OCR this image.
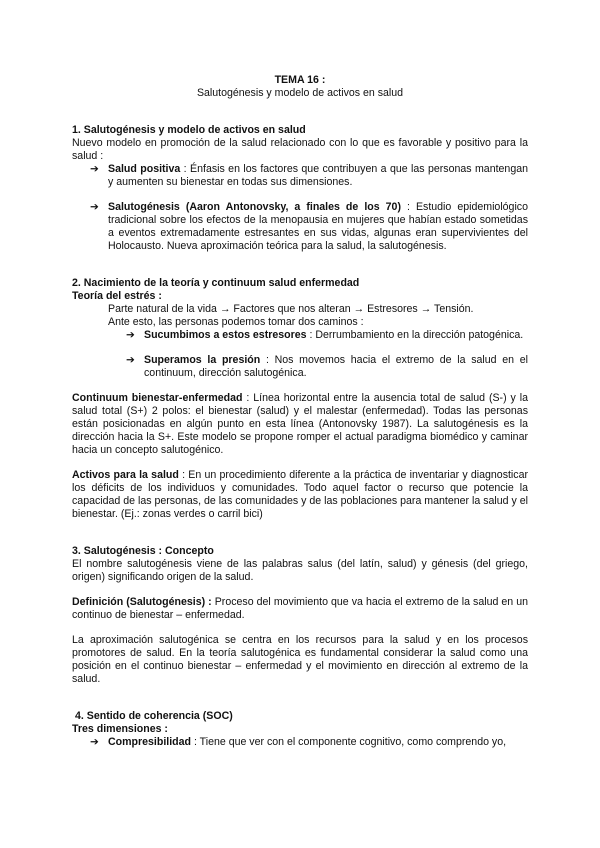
TEMA 16 :
Salutogénesis y modelo de activos en salud
1. Salutogénesis y modelo de activos en salud
Nuevo modelo en promoción de la salud relacionado con lo que es favorable y positivo para la salud :
➔ Salud positiva : Énfasis en los factores que contribuyen a que las personas mantengan y aumenten su bienestar en todas sus dimensiones.
➔ Salutogénesis (Aaron Antonovsky, a finales de los 70) : Estudio epidemiológico tradicional sobre los efectos de la menopausia en mujeres que habían estado sometidas a eventos extremadamente estresantes en sus vidas, algunas eran supervivientes del Holocausto. Nueva aproximación teórica para la salud, la salutogénesis.
2. Nacimiento de la teoría y continuum salud enfermedad
Teoría del estrés :
Parte natural de la vida → Factores que nos alteran → Estresores → Tensión.
Ante esto, las personas podemos tomar dos caminos :
➔ Sucumbimos a estos estresores : Derrumbamiento en la dirección patogénica.
➔ Superamos la presión : Nos movemos hacia el extremo de la salud en el continuum, dirección salutogénica.
Continuum bienestar-enfermedad : Línea horizontal entre la ausencia total de salud (S-) y la salud total (S+) 2 polos: el bienestar (salud) y el malestar (enfermedad). Todas las personas están posicionadas en algún punto en esta línea (Antonovsky 1987). La salutogénesis es la dirección hacia la S+. Este modelo se propone romper el actual paradigma biomédico y caminar hacia un concepto salutogénico.
Activos para la salud : En un procedimiento diferente a la práctica de inventariar y diagnosticar los déficits de los individuos y comunidades. Todo aquel factor o recurso que potencie la capacidad de las personas, de las comunidades y de las poblaciones para mantener la salud y el bienestar. (Ej.: zonas verdes o carril bici)
3. Salutogénesis : Concepto
El nombre salutogénesis viene de las palabras salus (del latín, salud) y génesis (del griego, origen) significando origen de la salud.
Definición (Salutogénesis) : Proceso del movimiento que va hacia el extremo de la salud en un continuo de bienestar – enfermedad.
La aproximación salutogénica se centra en los recursos para la salud y en los procesos promotores de salud. En la teoría salutogénica es fundamental considerar la salud como una posición en el continuo bienestar – enfermedad y el movimiento en dirección al extremo de la salud.
4. Sentido de coherencia (SOC)
Tres dimensiones :
➔ Compresibilidad : Tiene que ver con el componente cognitivo, como comprendo yo,
